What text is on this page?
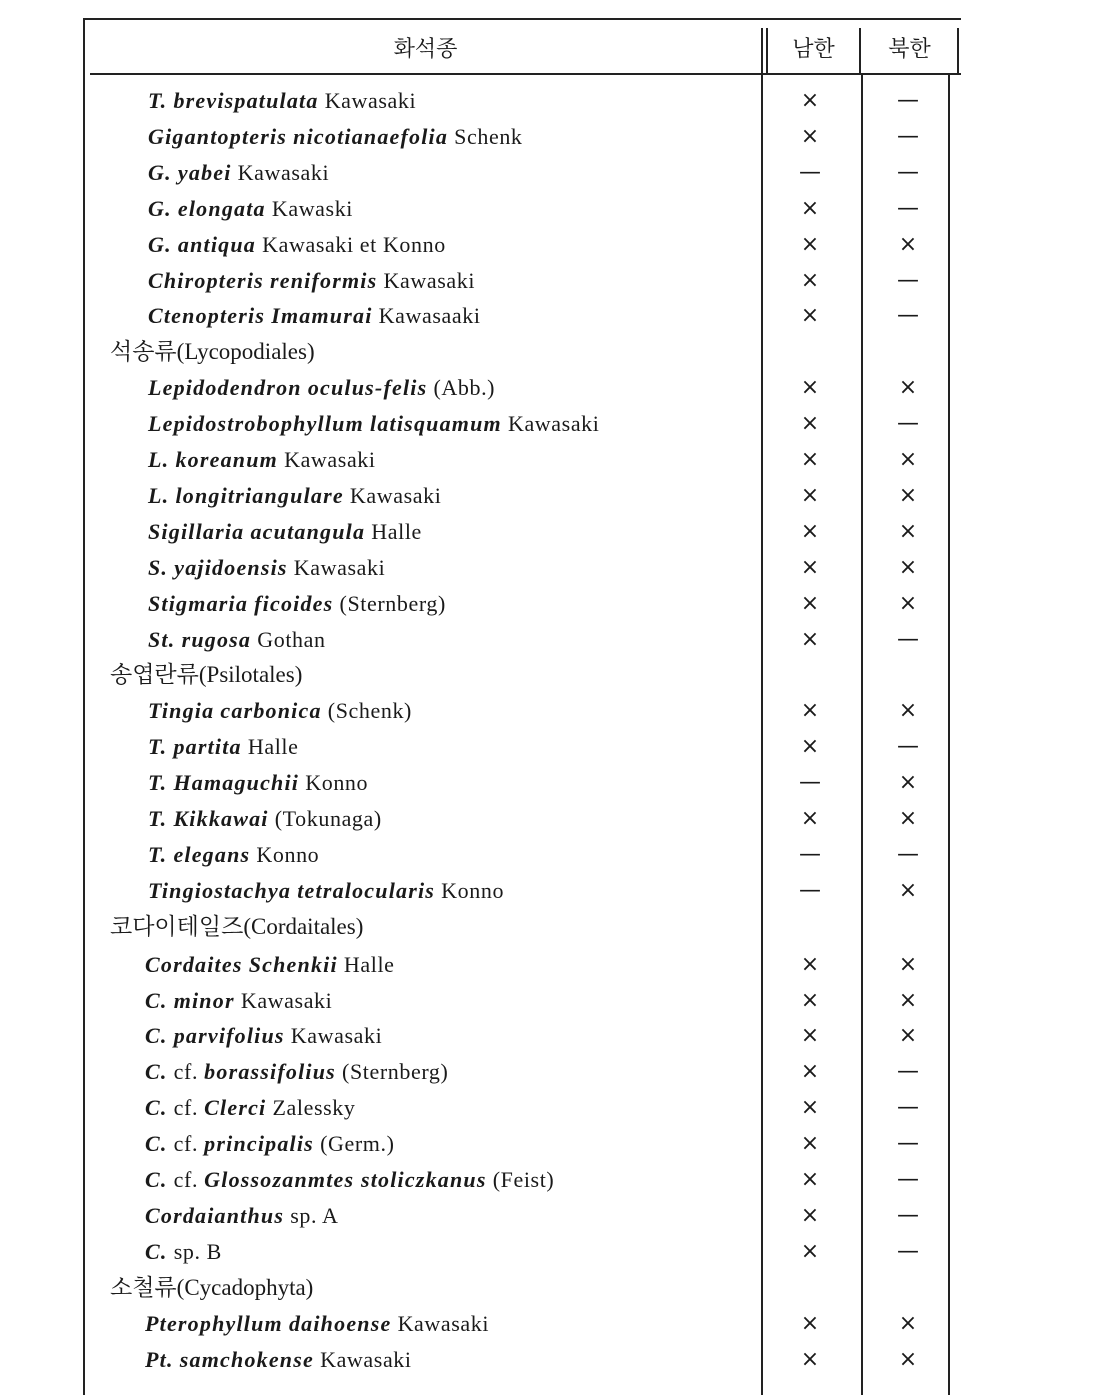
화석종	남한	북한
T. brevispatulata Kawasaki	×	—
Gigantopteris nicotianaefolia Schenk	×	—
G. yabei Kawasaki	—	—
G. elongata Kawaski	×	—
G. antiqua Kawasaki et Konno	×	×
Chiropteris reniformis Kawasaki	×	—
Ctenopteris Imamurai Kawasaaki	×	—
석송류(Lycopodiales)
Lepidodendron oculus-felis (Abb.)	×	×
Lepidostrobophyllum latisquamum Kawasaki	×	—
L. koreanum Kawasaki	×	×
L. longitriangulare Kawasaki	×	×
Sigillaria acutangula Halle	×	×
S. yajidoensis Kawasaki	×	×
Stigmaria ficoides (Sternberg)	×	×
St. rugosa Gothan	×	—
송엽란류(Psilotales)
Tingia carbonica (Schenk)	×	×
T. partita Halle	×	—
T. Hamaguchii Konno	—	×
T. Kikkawai (Tokunaga)	×	×
T. elegans Konno	—	—
Tingiostachya tetralocularis Konno	—	×
코다이테일즈(Cordaitales)
Cordaites Schenkii Halle	×	×
C. minor Kawasaki	×	×
C. parvifolius Kawasaki	×	×
C. cf. borassifolius (Sternberg)	×	—
C. cf. Clerci Zalessky	×	—
C. cf. principalis (Germ.)	×	—
C. cf. Glossozanmtes stoliczkanus (Feist)	×	—
Cordaianthus sp. A	×	—
C. sp. B	×	—
소철류(Cycadophyta)
Pterophyllum daihoense Kawasaki	×	×
Pt. samchokense Kawasaki	×	×
